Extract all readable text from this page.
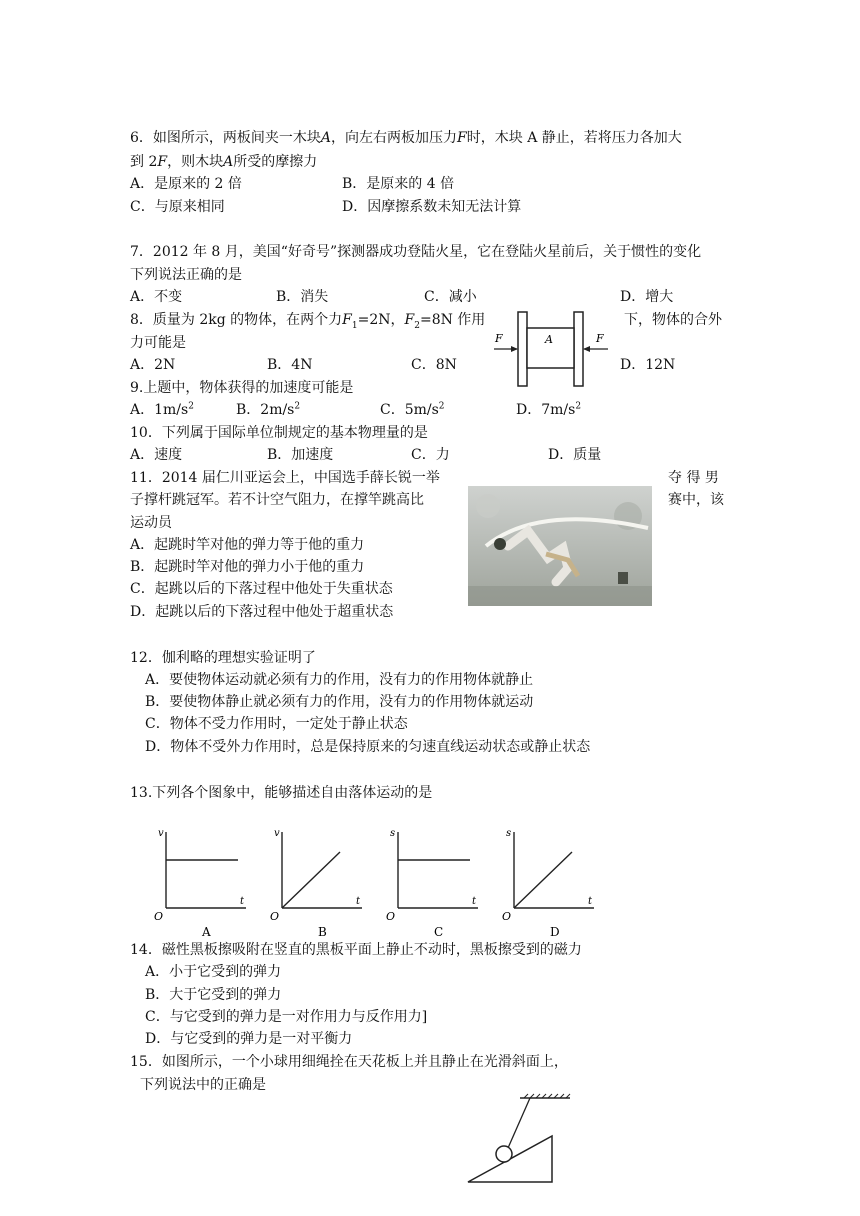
6．如图所示，两板间夹一木块A，向左右两板加压力F时，木块 A 静止，若将压力各加大
到 2F，则木块A所受的摩擦力
A．是原来的 2 倍	B．是原来的 4 倍
C．与原来相同	D．因摩擦系数未知无法计算
7．2012 年 8 月，美国“好奇号”探测器成功登陆火星，它在登陆火星前后，关于惯性的变化
下列说法正确的是
A．不变	B．消失	C．减小	D．增大
8．质量为 2kg 的物体，在两个力$F_1=2N$，$F_2=8N$ 作用	下，物体的合外
力可能是
A．2N	B．4N	C．8N	D．12N
F	F
A
9.上题中，物体获得的加速度可能是
A．$1m/s^2$	B．$2m/s^2$	C．$5m/s^2$	D．$7m/s^2$
10．下列属于国际单位制规定的基本物理量的是
A．速度	B．加速度	C．力	D．质量
11．2014 届仁川亚运会上，中国选手薛长锐一举	夺 得 男
子撑杆跳冠军。若不计空气阻力，在撑竿跳高比	赛中，该
运动员
A．起跳时竿对他的弹力等于他的重力
B．起跳时竿对他的弹力小于他的重力
C．起跳以后的下落过程中他处于失重状态
D．起跳以后的下落过程中他处于超重状态
12．伽利略的理想实验证明了
A．要使物体运动就必须有力的作用，没有力的作用物体就静止
B．要使物体静止就必须有力的作用，没有力的作用物体就运动
C．物体不受力作用时，一定处于静止状态
D．物体不受外力作用时，总是保持原来的匀速直线运动状态或静止状态
13.下列各个图象中，能够描述自由落体运动的是
v
t
O
A
v
t
O
B
s
t
O
C
s
t
O
D
14．磁性黑板擦吸附在竖直的黑板平面上静止不动时，黑板擦受到的磁力
A．小于它受到的弹力
B．大于它受到的弹力
C．与它受到的弹力是一对作用力与反作用力]
D．与它受到的弹力是一对平衡力
15．如图所示，一个小球用细绳拴在天花板上并且静止在光滑斜面上，
下列说法中的正确是
